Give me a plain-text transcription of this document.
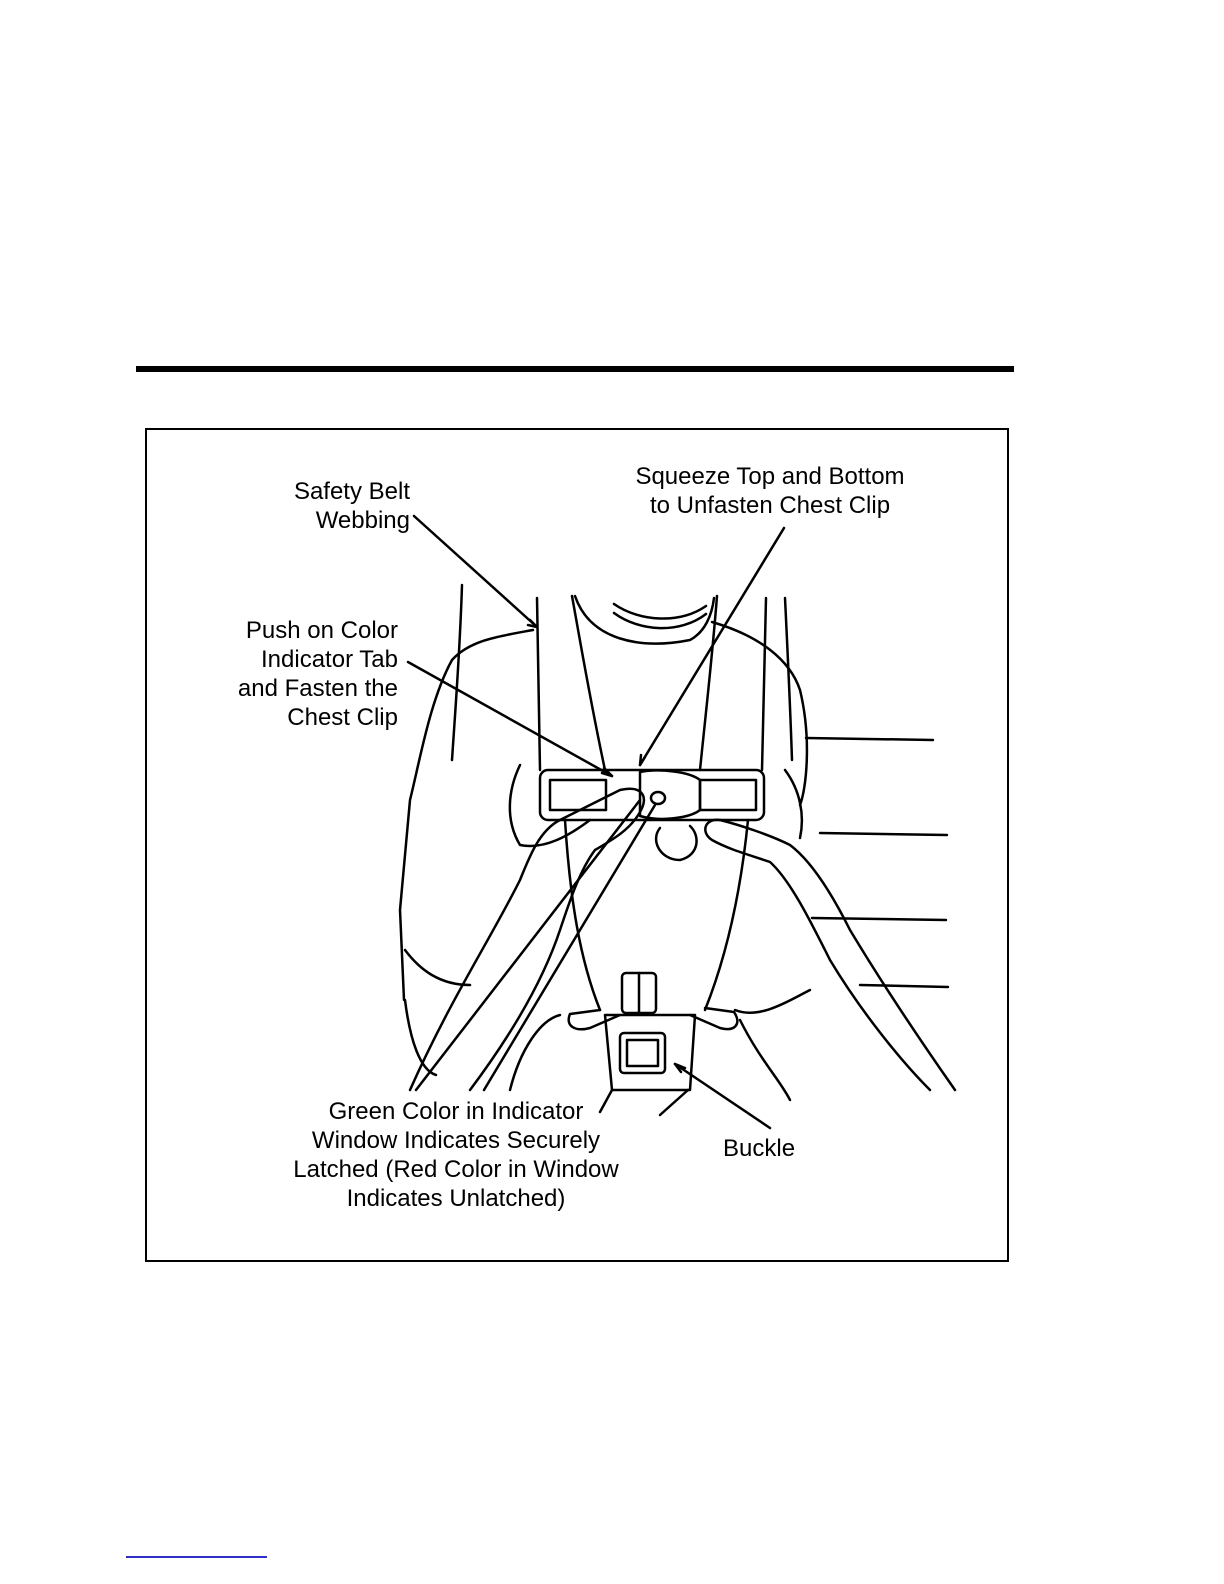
Safety Belt
Webbing
Squeeze Top and Bottom
to Unfasten Chest Clip
Push on Color
Indicator Tab
and Fasten the
Chest Clip
Green Color in Indicator
Window Indicates Securely
Latched (Red Color in Window
Indicates Unlatched)
Buckle
